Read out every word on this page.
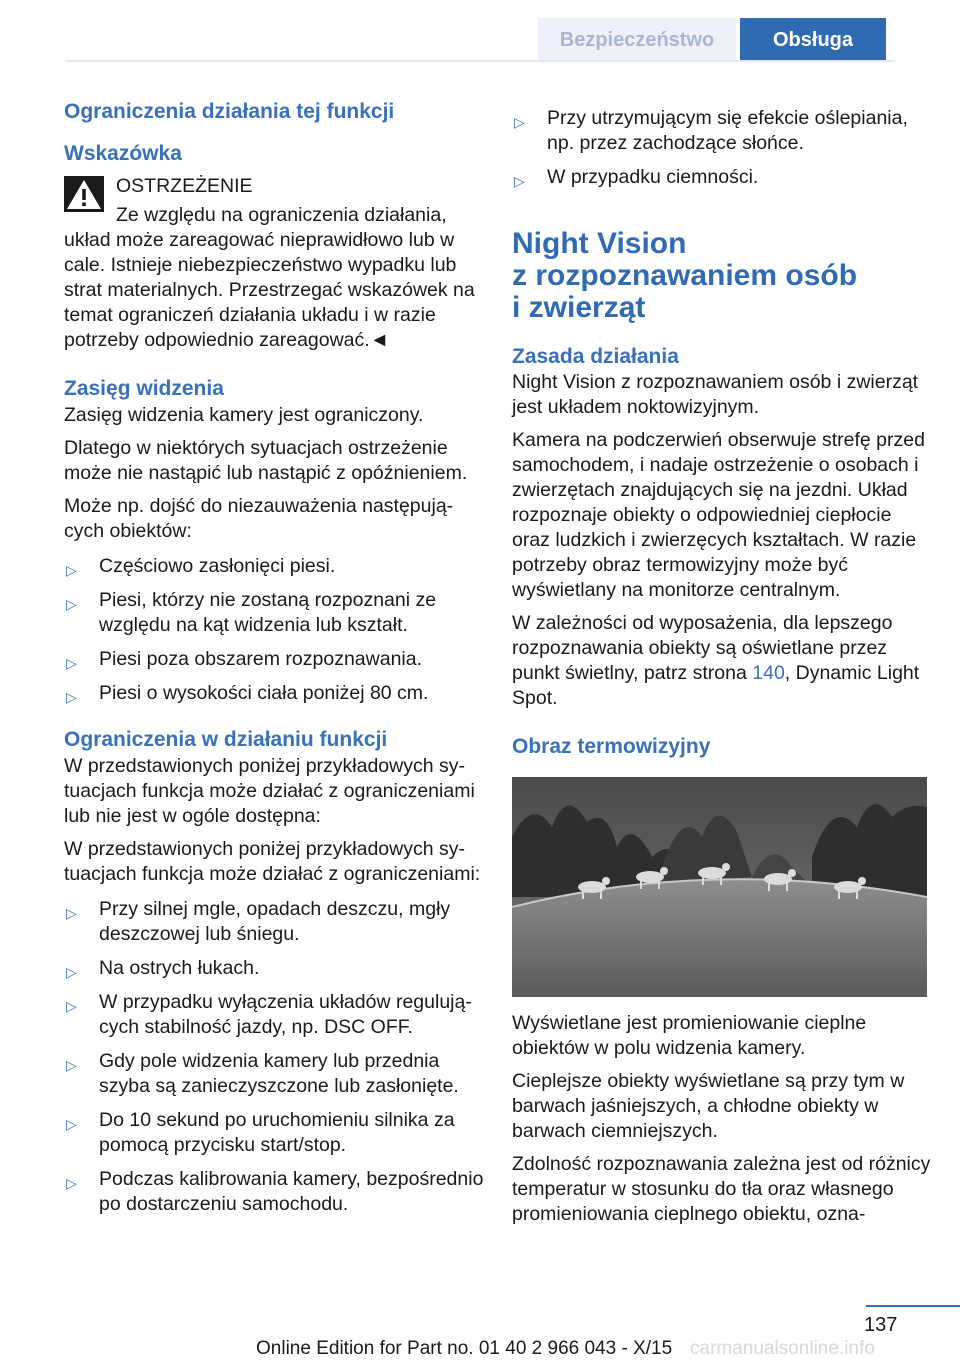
Bezpieczeństwo	Obsługa
Ograniczenia działania tej funkcji
Wskazówka

OSTRZEŻENIE

Ze względu na ograniczenia działania, układ może zareagować nieprawidłowo lub w cale. Istnieje niebezpieczeństwo wypadku lub strat materialnych. Przestrzegać wskazówek na temat ograniczeń działania układu i w razie potrzeby odpowiednio zareagować.◄

Zasięg widzenia

Zasięg widzenia kamery jest ograniczony.

Dlatego w niektórych sytuacjach ostrzeżenie może nie nastąpić lub nastąpić z opóźnieniem.

Może np. dojść do niezauważenia następujących obiektów:

▷ Częściowo zasłonięci piesi.
▷ Piesi, którzy nie zostaną rozpoznani ze względu na kąt widzenia lub kształt.
▷ Piesi poza obszarem rozpoznawania.
▷ Piesi o wysokości ciała poniżej 80 cm.
Ograniczenia w działaniu funkcji

W przedstawionych poniżej przykładowych sytuacjach funkcja może działać z ograniczeniami lub nie jest w ogóle dostępna:

W przedstawionych poniżej przykładowych sytuacjach funkcja może działać z ograniczeniami:

▷ Przy silnej mgle, opadach deszczu, mgły deszczowej lub śniegu.
▷ Na ostrych łukach.
▷ W przypadku wyłączenia układów regulujących stabilność jazdy, np. DSC OFF.
▷ Gdy pole widzenia kamery lub przednia szyba są zanieczyszczone lub zasłonięte.
▷ Do 10 sekund po uruchomieniu silnika za pomocą przycisku start/stop.
▷ Podczas kalibrowania kamery, bezpośrednio po dostarczeniu samochodu.
▷ Przy utrzymującym się efekcie oślepiania, np. przez zachodzące słońce.
▷ W przypadku ciemności.
Night Vision
z rozpoznawaniem osób
i zwierząt
Zasada działania

Night Vision z rozpoznawaniem osób i zwierząt jest układem noktowizyjnym.

Kamera na podczerwień obserwuje strefę przed samochodem, i nadaje ostrzeżenie o osobach i zwierzętach znajdujących się na jezdni. Układ rozpoznaje obiekty o odpowiedniej ciepłocie oraz ludzkich i zwierzęcych kształtach. W razie potrzeby obraz termowizyjny może być wyświetlany na monitorze centralnym.

W zależności od wyposażenia, dla lepszego rozpoznawania obiekty są oświetlane przez punkt świetlny, patrz strona 140, Dynamic Light Spot.

Obraz termowizyjny

Wyświetlane jest promieniowanie cieplne obiektów w polu widzenia kamery.

Cieplejsze obiekty wyświetlane są przy tym w barwach jaśniejszych, a chłodne obiekty w barwach ciemniejszych.

Zdolność rozpoznawania zależna jest od różnicy temperatur w stosunku do tła oraz własnego promieniowania cieplnego obiektu, ozna-

137
Online Edition for Part no. 01 40 2 966 043 - X/15 carmanualsonline.info
